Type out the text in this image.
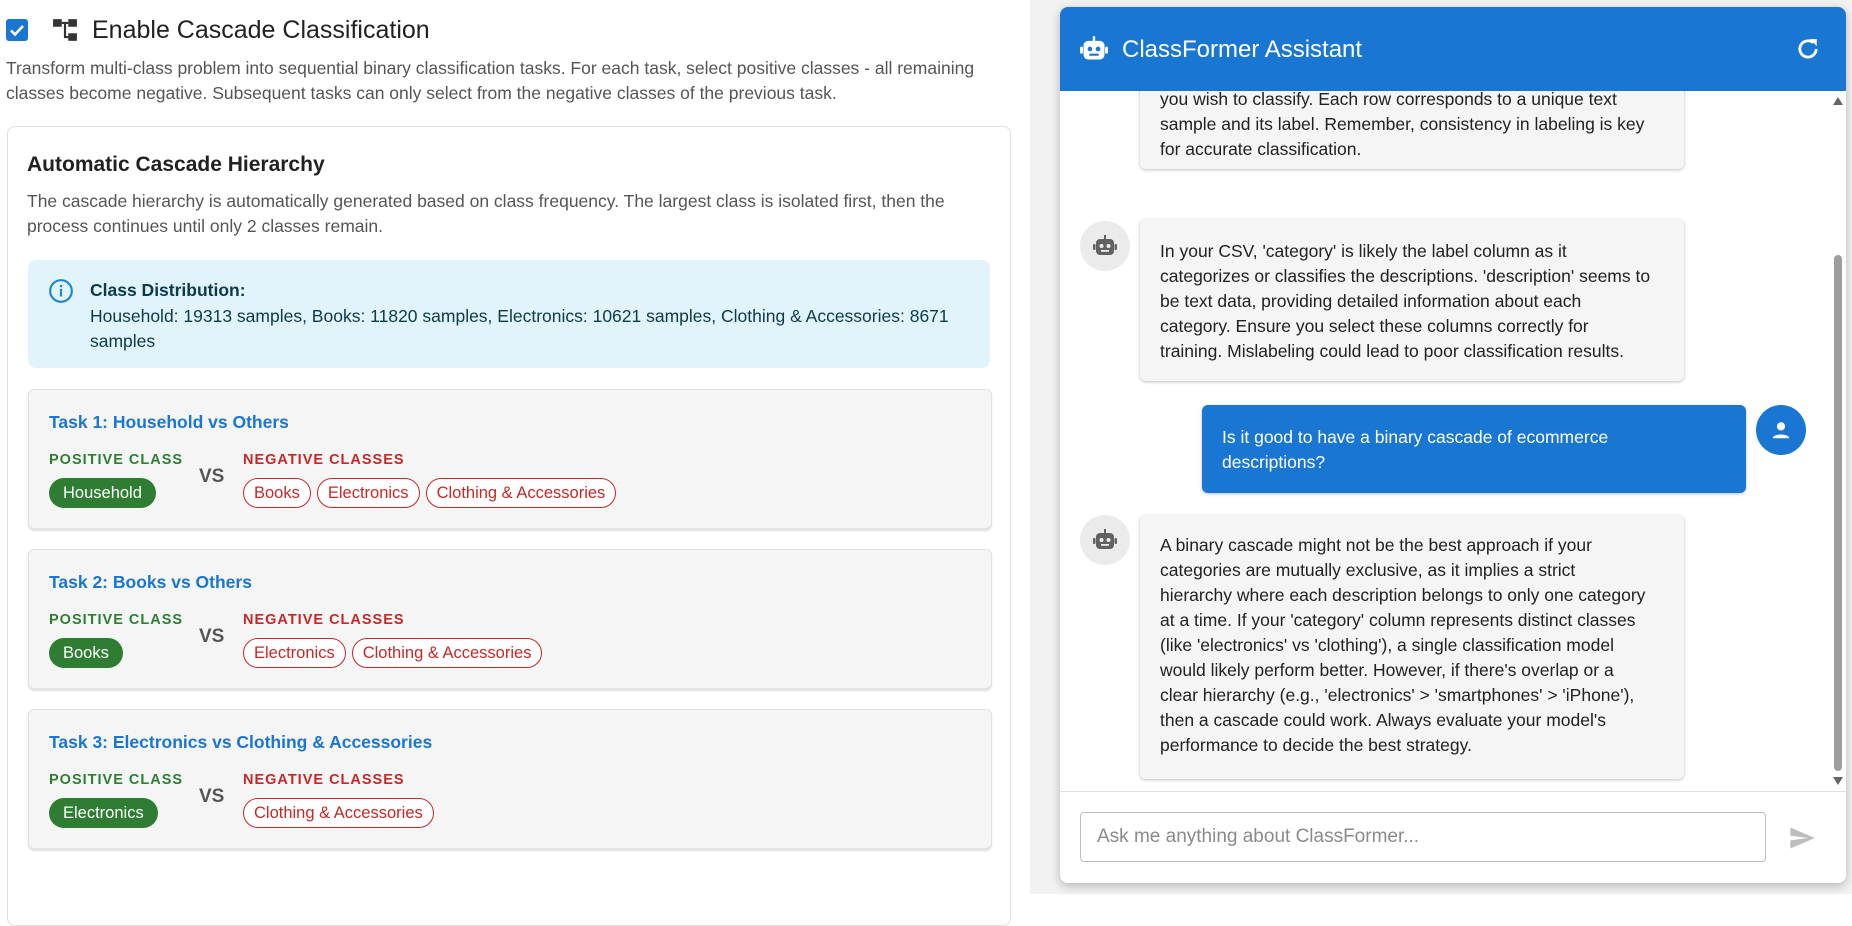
Enable Cascade Classification
Transform multi-class problem into sequential binary classification tasks. For each task, select positive classes - all remaining classes become negative. Subsequent tasks can only select from the negative classes of the previous task.
Automatic Cascade Hierarchy
The cascade hierarchy is automatically generated based on class frequency. The largest class is isolated first, then the process continues until only 2 classes remain.
Class Distribution:
Household: 19313 samples, Books: 11820 samples, Electronics: 10621 samples, Clothing & Accessories: 8671 samples
Task 1: Household vs Others
POSITIVE CLASS
VS
NEGATIVE CLASSES
Household	Books	Electronics	Clothing & Accessories
Task 2: Books vs Others
POSITIVE CLASS
VS
NEGATIVE CLASSES
Books	Electronics	Clothing & Accessories
Task 3: Electronics vs Clothing & Accessories
POSITIVE CLASS
VS
NEGATIVE CLASSES
Electronics	Clothing & Accessories
ClassFormer Assistant
you wish to classify. Each row corresponds to a unique text
sample and its label. Remember, consistency in labeling is key
for accurate classification.
In your CSV, 'category' is likely the label column as it
categorizes or classifies the descriptions. 'description' seems to
be text data, providing detailed information about each
category. Ensure you select these columns correctly for
training. Mislabeling could lead to poor classification results.
Is it good to have a binary cascade of ecommerce
descriptions?
A binary cascade might not be the best approach if your
categories are mutually exclusive, as it implies a strict
hierarchy where each description belongs to only one category
at a time. If your 'category' column represents distinct classes
(like 'electronics' vs 'clothing'), a single classification model
would likely perform better. However, if there's overlap or a
clear hierarchy (e.g., 'electronics' > 'smartphones' > 'iPhone'),
then a cascade could work. Always evaluate your model's
performance to decide the best strategy.
Ask me anything about ClassFormer...
